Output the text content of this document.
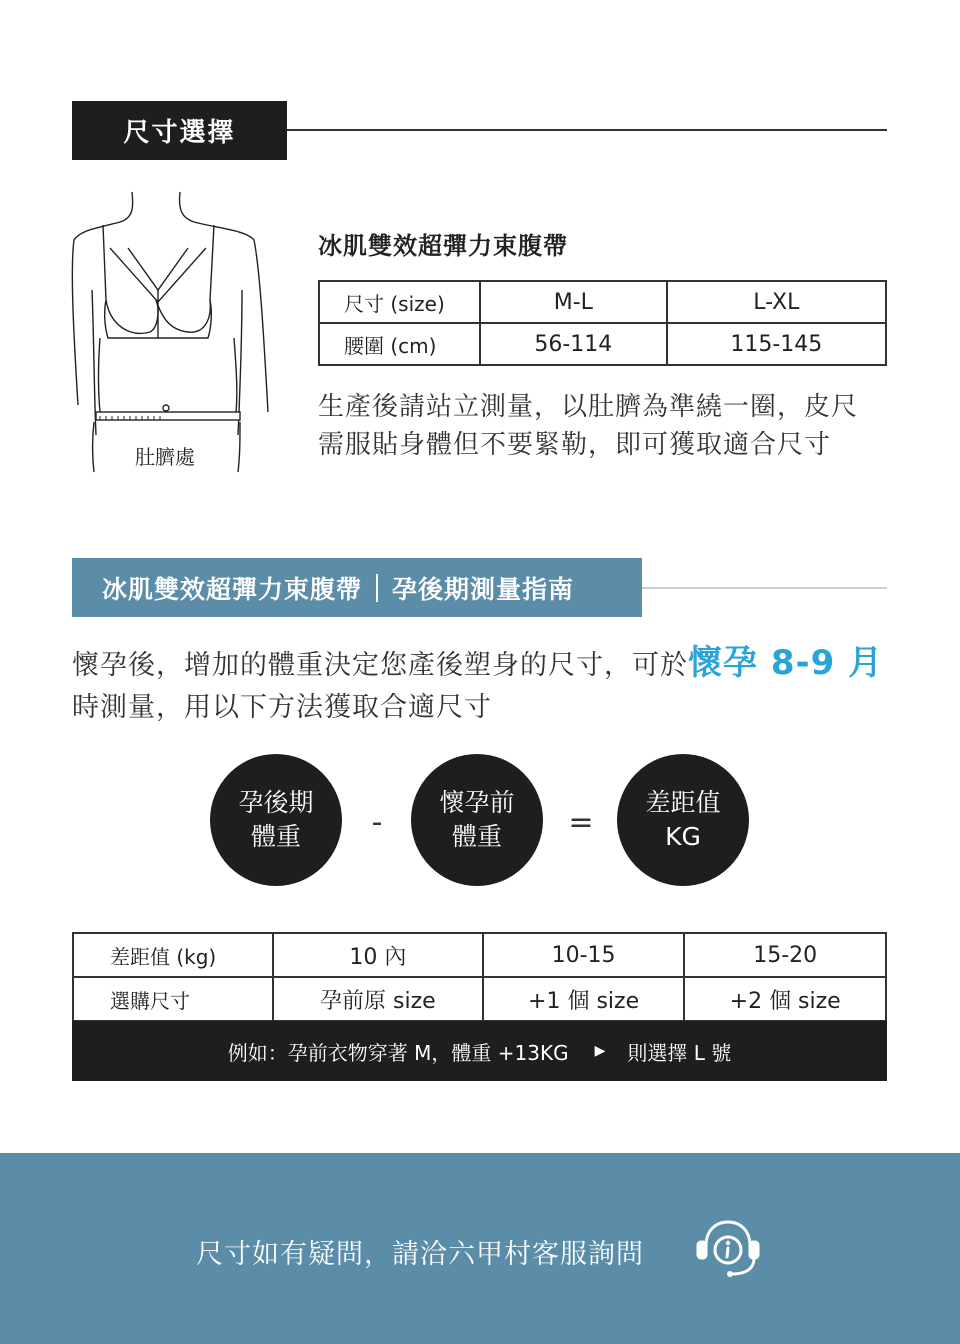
尺寸選擇
肚臍處
冰肌雙效超彈力束腹帶
尺寸 (size)	M-L	L-XL
腰圍 (cm)	56-114	115-145
生產後請站立測量，以肚臍為準繞一圈，皮尺
需服貼身體但不要緊勒，即可獲取適合尺寸
冰肌雙效超彈力束腹帶 孕後期測量指南
懷孕後，增加的體重決定您產後塑身的尺寸，可於懷孕 8-9 月
時測量，用以下方法獲取合適尺寸
孕後期
體重	-
懷孕前
體重 =
差距值
KG
差距值 (kg)	10 內	10-15	15-20
選購尺寸	孕前原 size	+1 個 size	+2 個 size
例如：孕前衣物穿著 M，體重 +13KG ▶ 則選擇 L 號
尺寸如有疑問，請洽六甲村客服詢問
